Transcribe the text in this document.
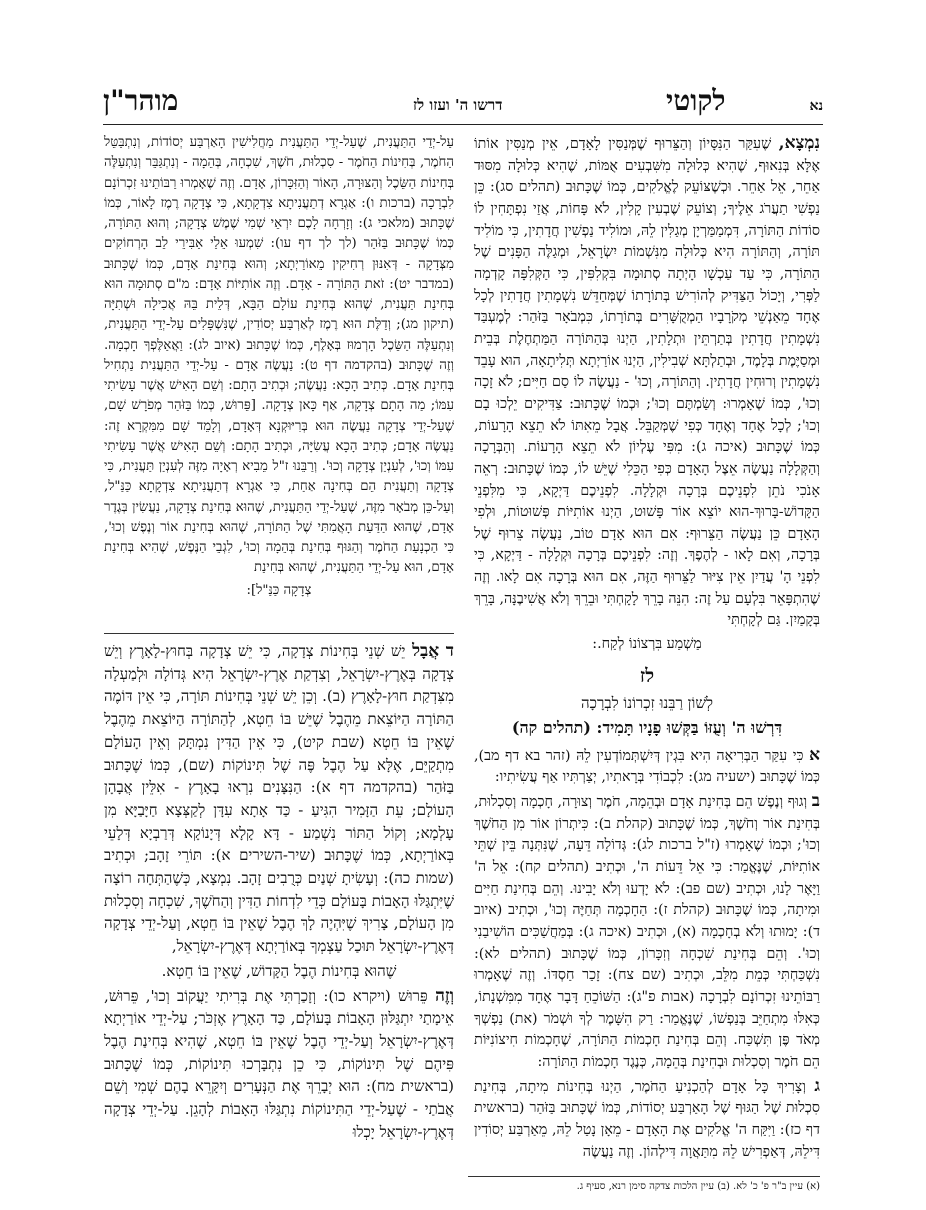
מוהר"ן	דרשו ה' ועזו לז	לקוטי	נא

נִמְצָא, שֶׁעִקַּר הַנִּסָּיוֹן וְהַצֵּרוּף שֶׁמְּנַסִּין לָאָדָם, אֵין מְנַסִּין אוֹתוֹ אֶלָּא בְּנִאוּף, שֶׁהִיא כְּלוּלָה מִשִּׁבְעִים אֻמּוֹת, שֶׁהִיא כְּלוּלָה מִסּוּד אַחֵר, אֵל אַחֵר. וּכְשֶׁצּוֹעֵק לֶאֱלֹקִים, כְּמוֹ שֶׁכָּתוּב (תהלים סג): כֵּן נַפְשִׁי תַעֲרֹג אֵלֶיךָ; וְצוֹעֵק שֶׁבְעִין קָלִין, לֹא פָּחוֹת, אֲזַי נִפְתָּחִין לוֹ סוֹדוֹת הַתּוֹרָה, דִּמְמַמַּרְיָן מְגַלִּין לֵהּ, וּמוֹלִיד נַפְשִׁין חֲדָתִין, כִּי מוֹלִיד תּוֹרָה, וְהַתּוֹרָה הִיא כְּלוּלָה מִנִּשְׁמוֹת יִשְׂרָאֵל, וּמְגַלֶּה הַפָּנִים שֶׁל הַתּוֹרָה, כִּי עַד עַכְשָׁו הָיְתָה סְתוּמָה בִּקְלִפִּין, כִּי הַקְּלִפָּה קָדְמָה לַפְּרִי, וְיָכוֹל הַצַּדִּיק לְהוֹרִישׁ בְּתוֹרָתוֹ שֶׁמְּחַדֵּשׁ נִשְׁמָתִין חֲדָתִין לְכָל אֶחָד מֵאַנְשֵׁי מְקֹרָבָיו הַמְקֻשָּׁרִים בְּתוֹרָתוֹ, כִּמְבֹאָר בַּזֹּהַר: לְמֶעְבַּד נִשְׁמָתִין חֲדָתִין בְּתַרְתֵּין וּתְלָתִין, הַיְנוּ בְּהַתּוֹרָה הַמַּתְחֶלֶת בְּבֵית וּמְסַיֶּמֶת בְּלָמֶד, וּבְתַלְתָּא שְׁבִילִין, הַיְנוּ אוֹרַיְתָא תְּלִיתָאָה, הוּא עָבֵד נִשְׁמָתִין וְרוּחִין חֲדָתִין. וְהַתּוֹרָה, וְכוּ' - נַעֲשֶׂה לוֹ סַם חַיִּים; לֹא זָכָה וְכוּ', כְּמוֹ שֶׁאָמְרוּ: וְשַׂמְתֶּם וְכוּ'; וּכְמוֹ שֶׁכָּתוּב: צַדִּיקִים יֵלְכוּ בָם וְכוּ'; לְכָל אֶחָד וְאֶחָד כְּפִי שֶׁמְּקַבֵּל. אֲבָל מֵאִתּוֹ לֹא תֵצֵא הָרָעוֹת, כְּמוֹ שֶׁכָּתוּב (איכה ג): מִפִּי עֶלְיוֹן לֹא תֵצֵא הָרָעוֹת. וְהַבְּרָכָה וְהַקְּלָלָה נַעֲשֶׂה אֵצֶל הָאָדָם כְּפִי הַכֵּלִי שֶׁיֵּשׁ לוֹ, כְּמוֹ שֶׁכָּתוּב: רְאֵה אָנֹכִי נֹתֵן לִפְנֵיכֶם בְּרָכָה וּקְלָלָה. לִפְנֵיכֶם דַּיְקָא, כִּי מִלִּפְנֵי הַקָּדוֹשׁ-בָּרוּךְ-הוּא יוֹצֵא אוֹר פָּשׁוּט, הַיְנוּ אוֹתִיּוֹת פְּשׁוּטוֹת, וּלְפִי הָאָדָם כֵּן נַעֲשֶׂה הַצֵּרוּף: אִם הוּא אָדָם טוֹב, נַעֲשֶׂה צֵרוּף שֶׁל בְּרָכָה, וְאִם לָאו - לְהֶפֶךְ. וְזֶה: לִפְנֵיכֶם בְּרָכָה וּקְלָלָה - דַּיְקָא, כִּי לִפְנֵי הָ' עֲדַיִן אֵין צִיּוּר לַצֵּרוּף הַזֶּה, אִם הוּא בְּרָכָה אִם לָאו. וְזֶה שֶׁהִתְפָּאֵר בִּלְעָם עַל זֶה: הִנֵּה בָרֵךְ לָקָחְתִּי וּבֵרֵךְ וְלֹא אֲשִׁיבֶנָּה, בָּרֵךְ בְּקָמַיִן. גַּם לְקָחְתִּי

מַשְׁמַע בִּרְצוֹנוֹ לְקַח.:

לז
לְשׁוֹן רַבֵּנוּ זִכְרוֹנוֹ לִבְרָכָה
דִּרְשׁוּ ה' וְעֻזּוֹ בַּקְּשׁוּ פָנָיו תָּמִיד: (תהלים קה)

א כִּי עִקַּר הַבְּרִיאָה הִיא בִּגְין דְּיִשְׁתְּמוֹדְעִין לֵהּ (זהר בא דף מב), כְּמוֹ שֶׁכָּתוּב (ישעיה מג): לִכְבוֹדִי בְּרָאתִיו, יְצַרְתִּיו אַף עֲשִׂיתִיו:

ב וְגוּף וְנֶפֶשׁ הֵם בְּחִינַת אָדָם וּבְהֵמָה, חֹמֶר וְצוּרָה, חָכְמָה וְסִכְלוּת, בְּחִינַת אוֹר וְחֹשֶׁךְ, כְּמוֹ שֶׁכָּתוּב (קהלת ב): כִּיתְרוֹן אוֹר מִן הַחֹשֶׁךְ וְכוּ'; וּכְמוֹ שֶׁאָמְרוּ (ז"ל ברכות לג): גְּדוֹלָה דֵּעָה, שֶׁנִּתְּנָה בֵּין שְׁתֵּי אוֹתִיּוֹת, שֶׁנֶּאֱמַר: כִּי אֵל דֵּעוֹת ה', וּכְתִיב (תהלים קח): אֵל ה' וַיָּאֶר לָנוּ, וּכְתִיב (שם פב): לֹא יָדְעוּ וְלֹא יָבִינוּ. וְהֵם בְּחִינַת חַיִּים וּמִיתָה, כְּמוֹ שֶׁכָּתוּב (קהלת ז): הַחָכְמָה תְּחַיֶּה וְכוּ', וּכְתִיב (איוב ד): יָמוּתוּ וְלֹא בְחָכְמָה (א), וּכְתִיב (איכה ג): בְּמַחֲשַׁכִּים הוֹשִׁיבַנִי וְכוּ'. וְהֵם בְּחִינַת שִׁכְחָה וְזִכָּרוֹן, כְּמוֹ שֶׁכָּתוּב (תהלים לא): נִשְׁכַּחְתִּי כְּמֵת מִלֵּב, וּכְתִיב (שם צח): זָכַר חַסְדּוֹ. וְזֶה שֶׁאָמְרוּ רַבּוֹתֵינוּ זִכְרוֹנָם לִבְרָכָה (אבות פ"ג): הַשּׁוֹכֵחַ דָּבָר אֶחָד מִמִּשְׁנָתוֹ, כְּאִלּוּ מִתְחַיֵּב בְּנַפְשׁוֹ, שֶׁנֶּאֱמַר: רַק הִשָּׁמֶר לְךָ וּשְׁמֹר (את) נַפְשְׁךָ מְאֹד פֶּן תִּשְׁכַּח. וְהֵם בְּחִינַת חָכְמוֹת הַתּוֹרָה, שֶׁחָכְמוֹת חִיצוֹנִיּוֹת הֵם חֹמֶר וְסִכְלוּת וּבְחִינַת בְּהֵמָה, כְּנֶגֶד חָכְמוֹת הַתּוֹרָה:

ג וְצָרִיךְ כָּל אָדָם לְהַכְנִיעַ הַחֹמֶר, הַיְנוּ בְּחִינוֹת מִיתָה, בְּחִינַת סִכְלוּת שֶׁל הַגּוּף שֶׁל הָאַרְבַּע יְסוֹדוֹת, כְּמוֹ שֶׁכָּתוּב בַּזֹּהַר (בראשית דף כז): וַיִּקַּח ה' אֱלֹקִים אֶת הָאָדָם - מֵאָן נָטַל לֵהּ, מֵאַרְבַּע יְסוֹדִין דִּילֵהּ, דְּאַפְרִישׁ לֵהּ מִתַּאֲוָה דִּילְהוֹן. וְזֶה נַעֲשֶׂה

עַל-יְדֵי הַתַּעֲנִית, שֶׁעַל-יְדֵי הַתַּעֲנִית מַחֲלִישִׁין הָאַרְבַּע יְסוֹדוֹת, וְנִתְבַּטֵּל הַחֹמֶר, בְּחִינוֹת הַחֹמֶר - סִכְלוּת, חֹשֶׁךְ, שִׁכְחָה, בְּהֵמָה - וְנִתְגַּבֵּר וְנִתְעַלֶּה בְּחִינוֹת הַשֵּׂכֶל וְהַצּוּרָה, הָאוֹר וְהַזִּכָּרוֹן, אָדָם. וְזֶה שֶׁאָמְרוּ רַבּוֹתֵינוּ זִכְרוֹנָם לִבְרָכָה (ברכות ו): אַגְרָא דְתַעֲנִיתָא צִדְקָתָא, כִּי צְדָקָה רֶמֶז לָאוֹר, כְּמוֹ שֶׁכָּתוּב (מלאכי ג): וְזָרְחָה לָכֶם יִרְאֵי שְׁמִי שֶׁמֶשׁ צְדָקָה; וְהוּא הַתּוֹרָה, כְּמוֹ שֶׁכָּתוּב בַּזֹּהַר (לך לך דף עו): שִׁמְעוּ אֵלַי אַבִּירֵי לֵב הָרְחוֹקִים מִצְּדָקָה - דְּאִנּוּן רְחִיקִין מֵאוֹרַיְתָא; וְהוּא בְּחִינַת אָדָם, כְּמוֹ שֶׁכָּתוּב (במדבר יט): זֹאת הַתּוֹרָה - אָדָם. וְזֶה אוֹתִיּוֹת אָדָם: מ"ם סְתוּמָה הוּא בְּחִינַת תַּעֲנִית, שֶׁהוּא בְּחִינַת עוֹלָם הַבָּא, דְּלֵית בֵּהּ אֲכִילָה וּשְׁתִיָּה (תיקון מג); וְדַלֶּת הוּא רֶמֶז לְאַרְבַּע יְסוֹדִין, שֶׁנִּשְׁפָּלִים עַל-יְדֵי הַתַּעֲנִית, וְנִתְעַלֶּה הַשֵּׂכֶל הָרְמוּז בְּאָלֶף, כְּמוֹ שֶׁכָּתוּב (איוב לג): וַאֲאַלֶּפְךָ חָכְמָה. וְזֶה שֶׁכָּתוּב (בהקדמה דף ט): נַעֲשֶׂה אָדָם - עַל-יְדֵי הַתַּעֲנִית נַתְחִיל בְּחִינַת אָדָם. כְּתִיב הָכָא: נַעֲשֶׂה; וּכְתִיב הָתָם: וְשֵׁם הָאִישׁ אֲשֶׁר עָשִׂיתִי עִמּוֹ; מַה הָתָם צְדָקָה, אַף כָּאן צְדָקָה. [פֵּרוּשׁ, כְּמוֹ בַּזֹּהַר מְפֹרָשׁ שָׁם, שֶׁעַל-יְדֵי צְדָקָה נַעֲשֶׂה הוּא בְּרִיּוּקְנָא דְּאָדָם, וְלָמֵד שָׁם מִמִּקְרָא זֶה: נַעֲשֶׂה אָדָם; כְּתִיב הָכָא עֲשִׂיָּה, וּכְתִיב הָתָם: וְשֵׁם הָאִישׁ אֲשֶׁר עָשִׂיתִי עִמּוֹ וְכוּ', לְעִנְיַן צְדָקָה וְכוּ'. וְרַבֵּנוּ ז"ל מֵבִיא רְאָיָה מִזֶּה לְעִנְיַן תַּעֲנִית, כִּי צְדָקָה וְתַעֲנִית הֵם בְּחִינָה אַחַת, כִּי אַגְרָא דְתַעֲנִיתָא צִדְקָתָא כַּנַּ"ל, וְעַל-כֵּן מְבֹאָר מִזֶּה, שֶׁעַל-יְדֵי הַתַּעֲנִית, שֶׁהוּא בְּחִינַת צְדָקָה, נַעֲשִׂין בְּגֶדֶר אָדָם, שֶׁהוּא הַדַּעַת הָאֲמִתִּי שֶׁל הַתּוֹרָה, שֶׁהוּא בְּחִינַת אוֹר וְנֶפֶשׁ וְכוּ', כִּי הַכְנָעַת הַחֹמֶר וְהַגּוּף בְּחִינַת בְּהֵמָה וְכוּ', לִגְבֵי הַנֶּפֶשׁ, שֶׁהִיא בְּחִינַת אָדָם, הוּא עַל-יְדֵי הַתַּעֲנִית, שֶׁהוּא בְּחִינַת

צְדָקָה כַּנַּ"ל]:

ד אֲבָל יֵשׁ שְׁנֵי בְּחִינוֹת צְדָקָה, כִּי יֵשׁ צְדָקָה בְּחוּץ-לָאָרֶץ וְיֵשׁ צְדָקָה בְּאֶרֶץ-יִשְׂרָאֵל, וְצִדְקַת אֶרֶץ-יִשְׂרָאֵל הִיא גְּדוֹלָה וּלְמַעְלָה מִצִּדְקַת חוּץ-לָאָרֶץ (ב). וְכֵן יֵשׁ שְׁנֵי בְּחִינוֹת תּוֹרָה, כִּי אֵין דּוֹמֶה הַתּוֹרָה הַיּוֹצֵאת מֵהֶבֶל שֶׁיֵּשׁ בּוֹ חֵטְא, לְהַתּוֹרָה הַיּוֹצֵאת מֵהֶבֶל שֶׁאֵין בּוֹ חֵטְא (שבת קיט), כִּי אֵין הַדִּין נִמְתָּק וְאֵין הָעוֹלָם מִתְקַיֵּם, אֶלָּא עַל הֶבֶל פֶּה שֶׁל תִּינוֹקוֹת (שם), כְּמוֹ שֶׁכָּתוּב בַּזֹּהַר (בהקדמה דף א): הַנִּצָּנִים נִרְאוּ בָאָרֶץ - אִלֵּין אֲבָהָן הָעוֹלָם; עֵת הַזָּמִיר הִגִּיעַ - כַּד אָתָא עִדָּן לְקַצְּצָא חַיָּבַיָּא מִן עָלְמָא; וְקוֹל הַתּוֹר נִשְׁמַע - דָּא קָלָא דְּיָנוֹקָא דְּרַבְיָא דְּלָעֵי בְּאוֹרַיְתָא, כְּמוֹ שֶׁכָּתוּב (שיר-השירים א): תּוֹרֵי זָהָב; וּכְתִיב (שמות כה): וְעָשִׂיתָ שְׁנַיִם כְּרֻבִים זָהָב. נִמְצָא, כְּשֶׁהַתְּחָה רוֹצָה שֶׁיִּתְגַּלּוּ הָאָבוֹת בָּעוֹלָם כְּדֵי לִדְחוֹת הַדִּין וְהַחֹשֶׁךְ, שִׁכְחָה וְסִכְלוּת מִן הָעוֹלָם, צָרִיךְ שֶׁיִּהְיֶה לָךְ הֶבֶל שֶׁאֵין בּוֹ חֵטְא, וְעַל-יְדֵי צְדָקָה דְּאֶרֶץ-יִשְׂרָאֵל תּוּכַל עַצְמְךָ בְּאוֹרַיְתָא דְּאֶרֶץ-יִשְׂרָאֵל,

שֶׁהוּא בְּחִינוֹת הֶבֶל הַקָּדוֹשׁ, שֶׁאֵין בּוֹ חֵטְא.

וְזֶה פֵּרוּשׁ (ויקרא כו): וְזָכַרְתִּי אֶת בְּרִיתִי יַעֲקוֹב וְכוּ', פֵּרוּשׁ, אֵימָתַי יִתְגַּלּוּן הָאָבוֹת בָּעוֹלָם, כַּד הָאָרֶץ אֶזְכֹּר; עַל-יְדֵי אוֹרַיְתָא דְּאֶרֶץ-יִשְׂרָאֵל וְעַל-יְדֵי הֶבֶל שֶׁאֵין בּוֹ חֵטְא, שֶׁהִיא בְּחִינַת הֶבֶל פִּיהֶם שֶׁל תִּינוֹקוֹת, כִּי כֵן נִתְבָּרְכוּ תִּינוֹקוֹת, כְּמוֹ שֶׁכָּתוּב (בראשית מח): הוּא יְבָרֵךְ אֶת הַנְּעָרִים וְיִקָּרֵא בָהֶם שְׁמִי וְשֵׁם אֲבֹתַי - שֶׁעַל-יְדֵי הַתִּינוֹקוֹת נִתְגַּלּוּ הָאָבוֹת לְהָגֵן. עַל-יְדֵי צְדָקָה דְּאֶרֶץ-יִשְׂרָאֵל יָכְלוּ

(א) עיין ב"ר פ' כ' לא. (ב) עיין הלכות צדקה סימן רנא, סעיף ג.
